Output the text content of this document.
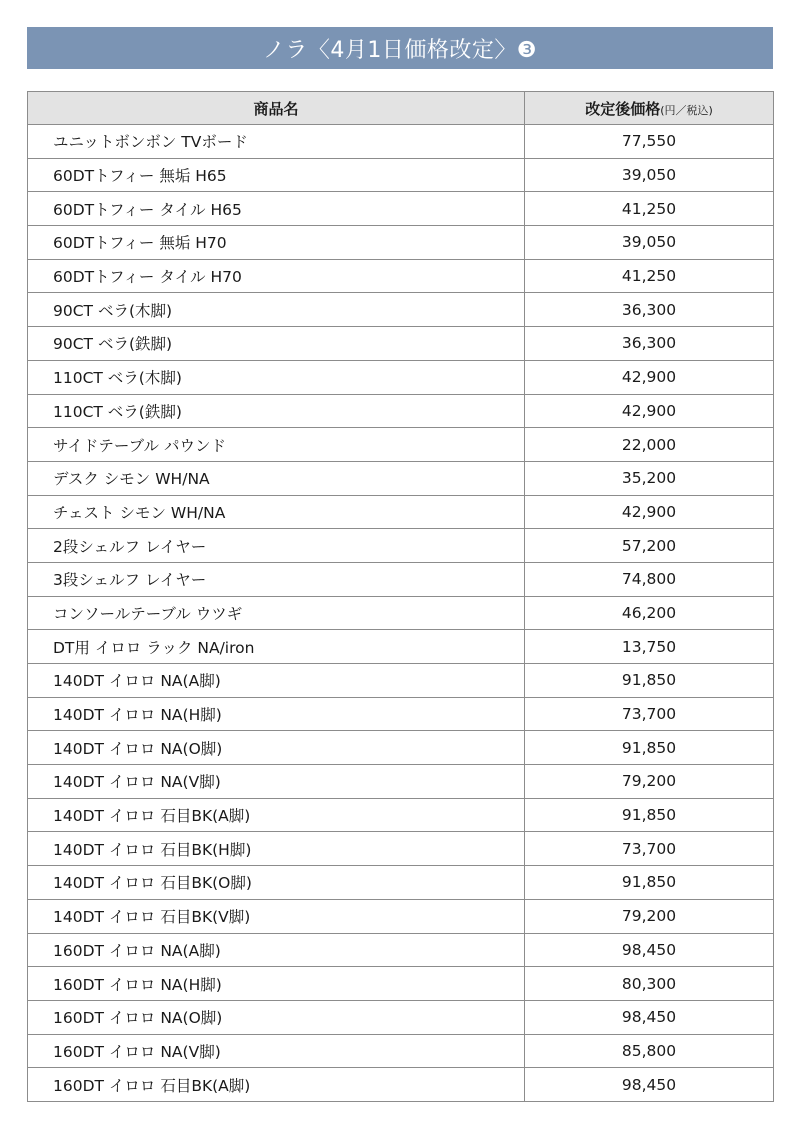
ノラ〈4月1日価格改定〉❸
商品名	改定後価格(円／税込)
ユニットボンボン TVボード	77,550
60DTトフィー 無垢 H65	39,050
60DTトフィー タイル H65	41,250
60DTトフィー 無垢 H70	39,050
60DTトフィー タイル H70	41,250
90CT ベラ(木脚)	36,300
90CT ベラ(鉄脚)	36,300
110CT ベラ(木脚)	42,900
110CT ベラ(鉄脚)	42,900
サイドテーブル パウンド	22,000
デスク シモン WH/NA	35,200
チェスト シモン WH/NA	42,900
2段シェルフ レイヤー	57,200
3段シェルフ レイヤー	74,800
コンソールテーブル ウツギ	46,200
DT用 イロロ ラック NA/iron	13,750
140DT イロロ NA(A脚)	91,850
140DT イロロ NA(H脚)	73,700
140DT イロロ NA(O脚)	91,850
140DT イロロ NA(V脚)	79,200
140DT イロロ 石目BK(A脚)	91,850
140DT イロロ 石目BK(H脚)	73,700
140DT イロロ 石目BK(O脚)	91,850
140DT イロロ 石目BK(V脚)	79,200
160DT イロロ NA(A脚)	98,450
160DT イロロ NA(H脚)	80,300
160DT イロロ NA(O脚)	98,450
160DT イロロ NA(V脚)	85,800
160DT イロロ 石目BK(A脚)	98,450
